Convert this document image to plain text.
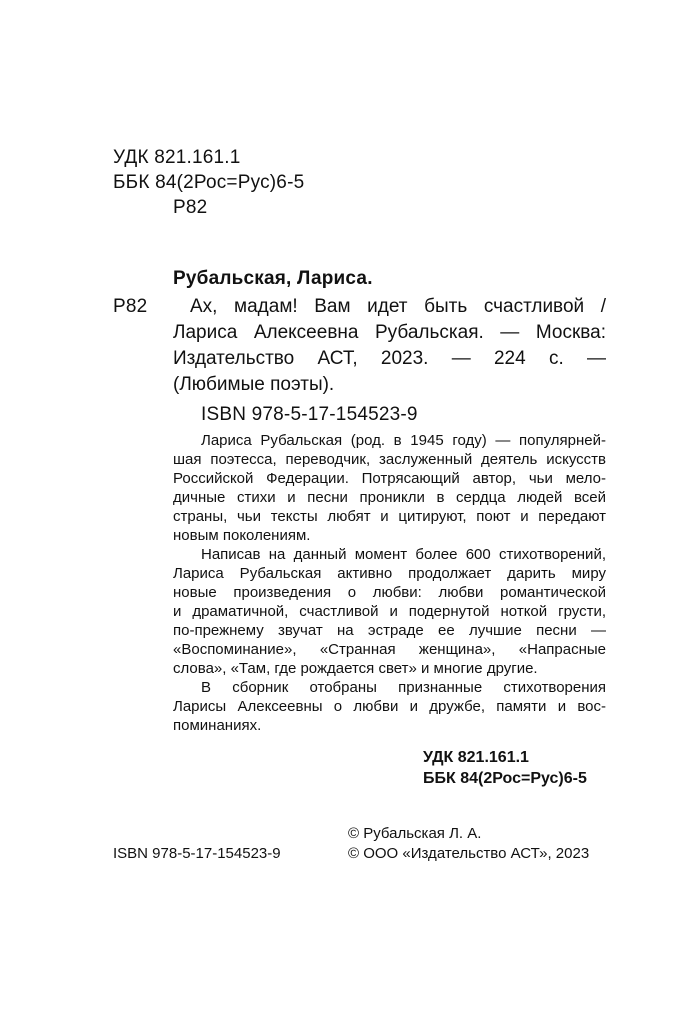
УДК 821.161.1
ББК 84(2Рос=Рус)6-5
Р82
Рубальская, Лариса.
Р82 Ах, мадам! Вам идет быть счастливой /
Лариса Алексеевна Рубальская. — Москва:
Издательство АСТ, 2023. — 224 с. —
(Любимые поэты).
ISBN 978-5-17-154523-9
Лариса Рубальская (род. в 1945 году) — популярней-
шая поэтесса, переводчик, заслуженный деятель искусств
Российской Федерации. Потрясающий автор, чьи мело-
дичные стихи и песни проникли в сердца людей всей
страны, чьи тексты любят и цитируют, поют и передают
новым поколениям.
Написав на данный момент более 600 стихотворений,
Лариса Рубальская активно продолжает дарить миру
новые произведения о любви: любви романтической
и драматичной, счастливой и подернутой ноткой грусти,
по-прежнему звучат на эстраде ее лучшие песни —
«Воспоминание», «Странная женщина», «Напрасные
слова», «Там, где рождается свет» и многие другие.
В сборник отобраны признанные стихотворения
Ларисы Алексеевны о любви и дружбе, памяти и вос-
поминаниях.
УДК 821.161.1
ББК 84(2Рос=Рус)6-5
© Рубальская Л. А.
ISBN 978-5-17-154523-9	© ООО «Издательство АСТ», 2023
